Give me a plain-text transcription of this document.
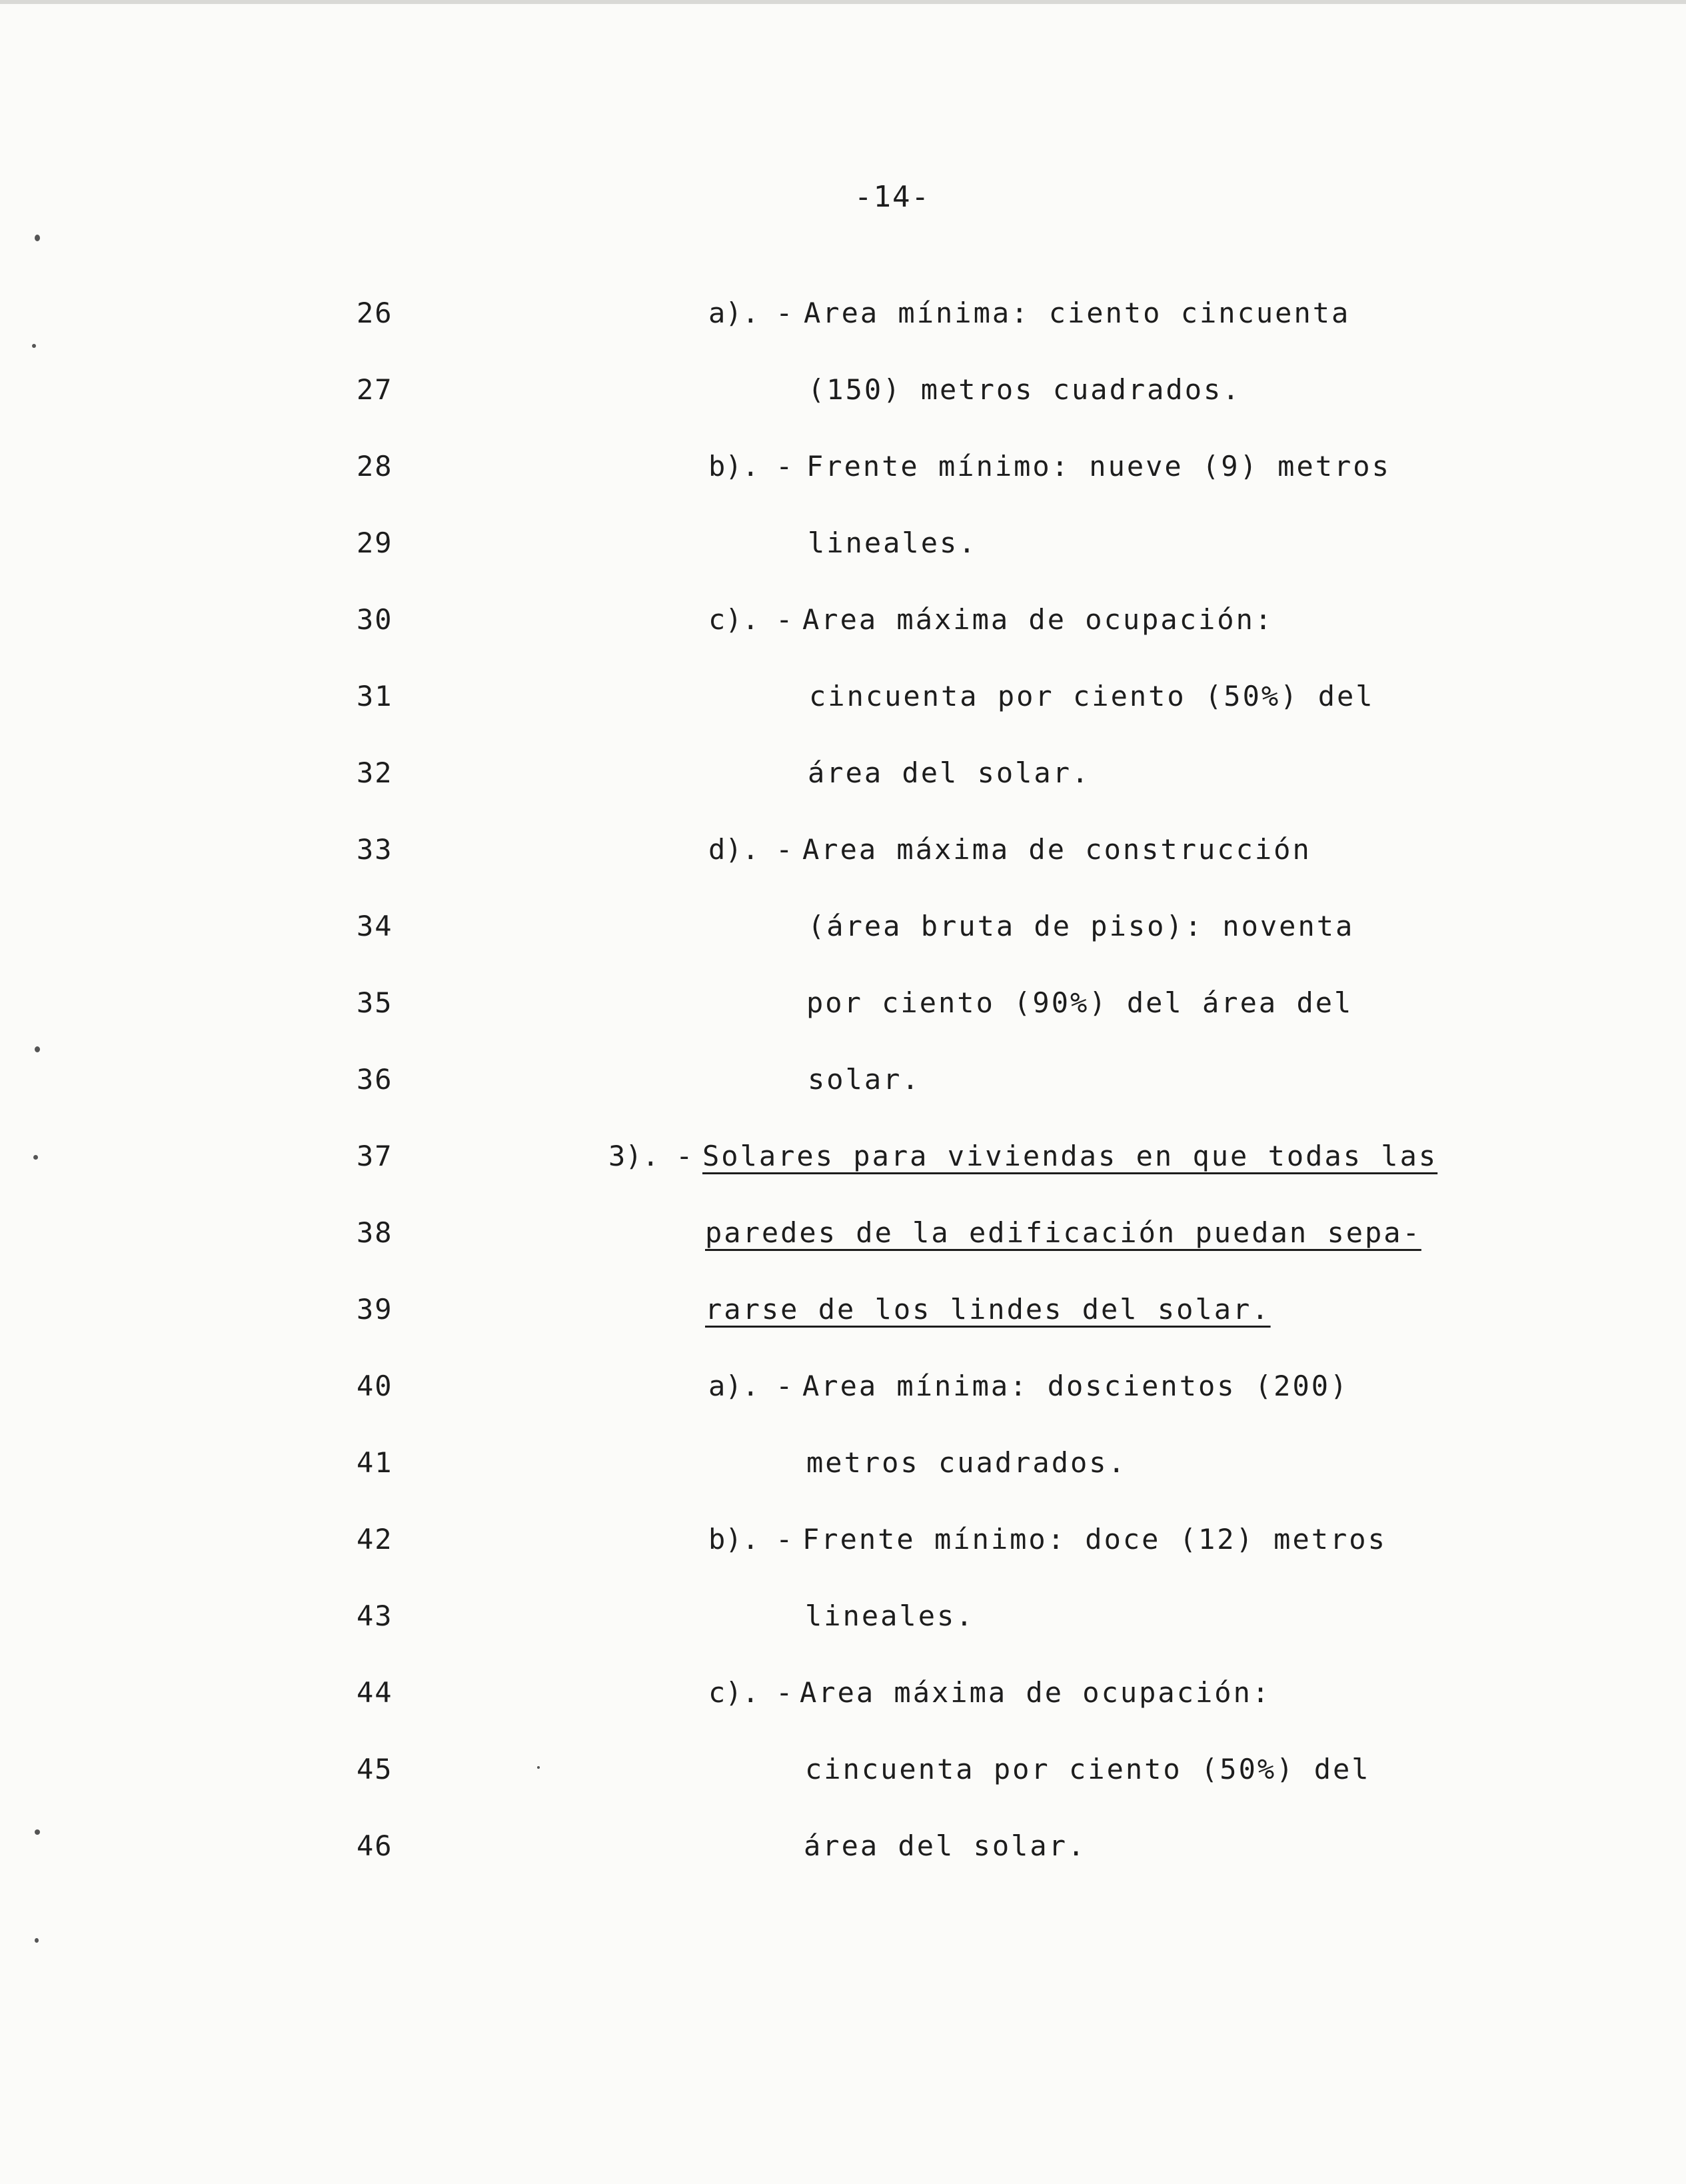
-14-
26	a). - Area mínima: ciento cincuenta
27	(150) metros cuadrados.
28	b). - Frente mínimo: nueve (9) metros
29	lineales.
30	c). - Area máxima de ocupación:
31	cincuenta por ciento (50%) del
32	área del solar.
33	d). - Area máxima de construcción
34	(área bruta de piso): noventa
35	por ciento (90%) del área del
36	solar.
37	3). - Solares para viviendas en que todas las
38	paredes de la edificación puedan sepa-
39	rarse de los lindes del solar.
40	a). - Area mínima: doscientos (200)
41	metros cuadrados.
42	b). - Frente mínimo: doce (12) metros
43	lineales.
44	c). - Area máxima de ocupación:
45	cincuenta por ciento (50%) del
46	área del solar.
